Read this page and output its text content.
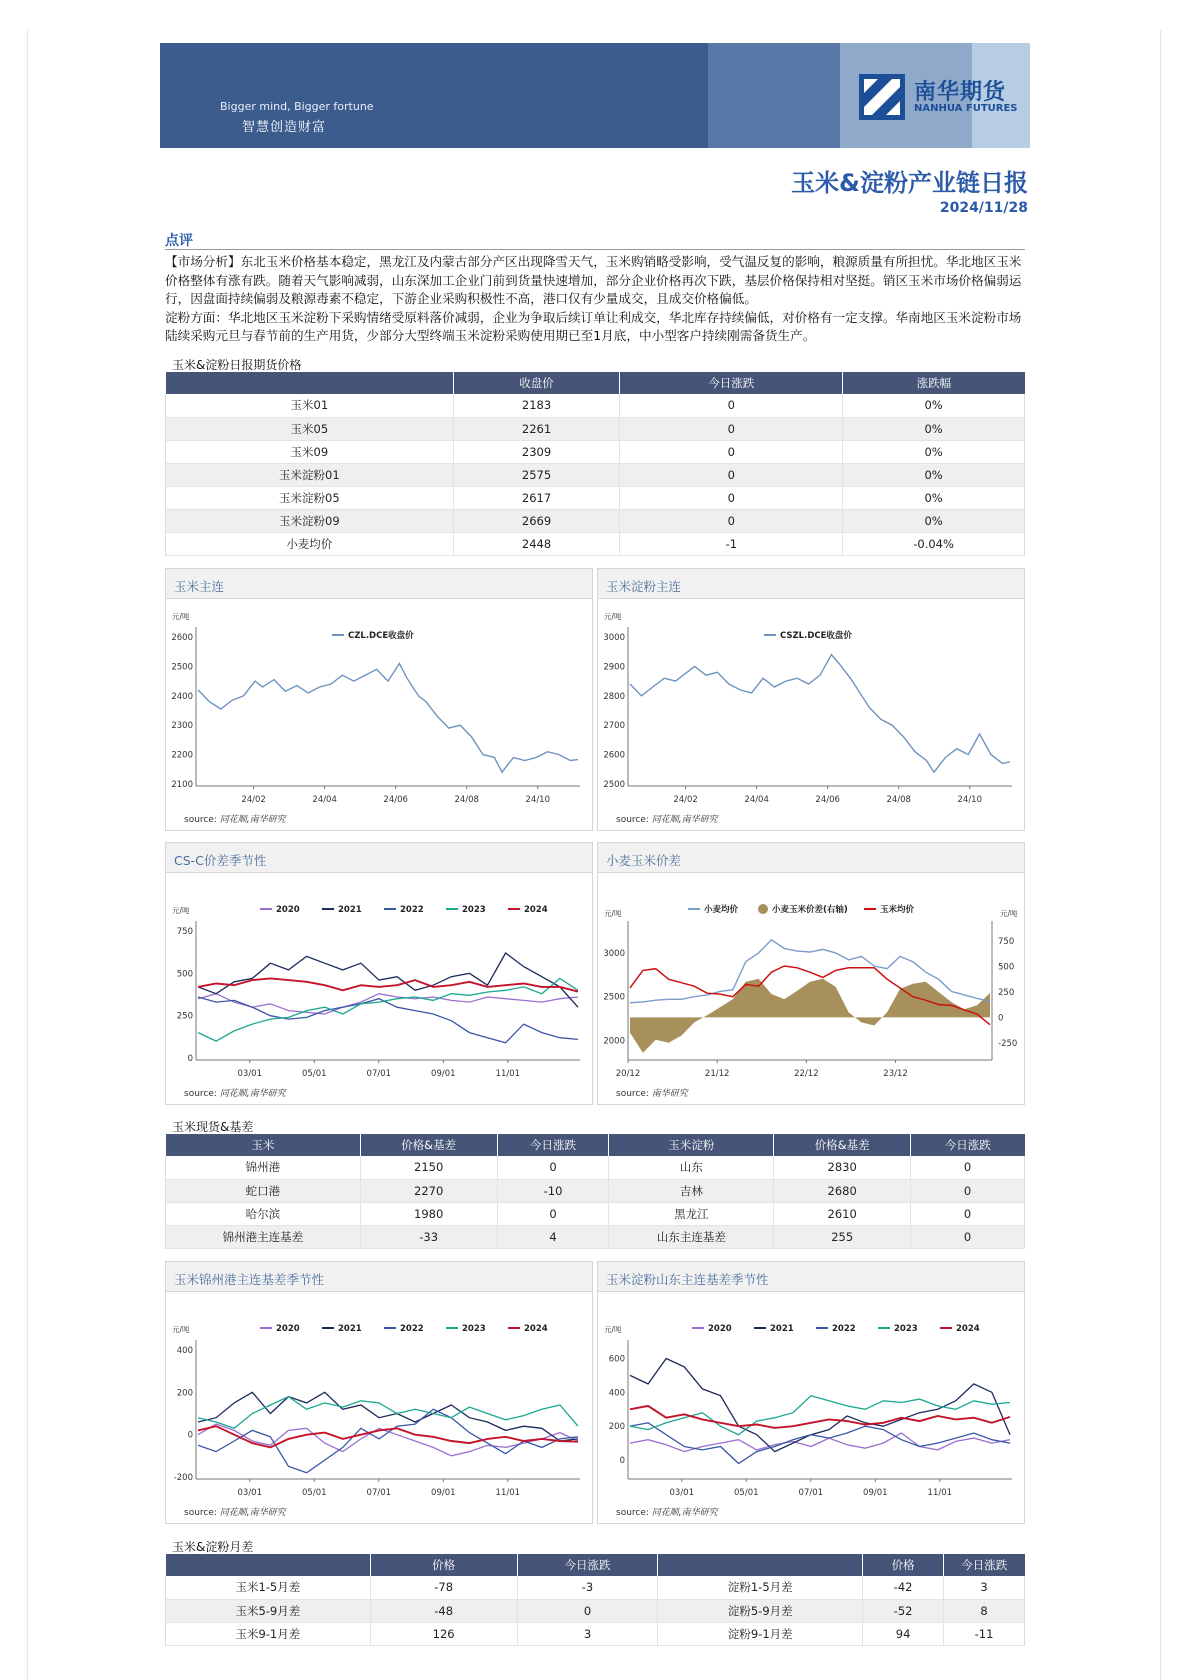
Bigger mind, Bigger fortune
智慧创造财富
南华期货
NANHUA FUTURES
玉米&淀粉产业链日报
2024/11/28
点评
【市场分析】东北玉米价格基本稳定，黑龙江及内蒙古部分产区出现降雪天气，玉米购销略受影响，受气温反复的影响，粮源质量有所担忧。华北地区玉米价格整体有涨有跌。随着天气影响减弱，山东深加工企业门前到货量快速增加，部分企业价格再次下跌，基层价格保持相对坚挺。销区玉米市场价格偏弱运行，因盘面持续偏弱及粮源毒素不稳定，下游企业采购积极性不高，港口仅有少量成交，且成交价格偏低。
淀粉方面：华北地区玉米淀粉下采购情绪受原料落价减弱，企业为争取后续订单让利成交，华北库存持续偏低，对价格有一定支撑。华南地区玉米淀粉市场陆续采购元旦与春节前的生产用货，少部分大型终端玉米淀粉采购使用期已至1月底，中小型客户持续刚需备货生产。
玉米&淀粉日报期货价格
	收盘价	今日涨跌	涨跌幅
玉米01	2183	0	0%
玉米05	2261	0	0%
玉米09	2309	0	0%
玉米淀粉01	2575	0	0%
玉米淀粉05	2617	0	0%
玉米淀粉09	2669	0	0%
小麦均价	2448	-1	-0.04%
玉米主连
元/吨
2100
2200
2300
2400
2500
2600
24/02	24/04	24/06	24/08	24/10
CZL.DCE收盘价
source: 同花顺,南华研究
玉米淀粉主连
元/吨
2500
2600
2700
2800
2900
3000
24/02	24/04	24/06	24/08	24/10
CSZL.DCE收盘价
source: 同花顺,南华研究
CS-C价差季节性
元/吨
0
250
500
750
03/01	05/01	07/01	09/01	11/01
2020	2021	2022	2023	2024
source: 同花顺,南华研究
小麦玉米价差
元/吨	元/吨
2000
2500
3000
-250
0
250
500
750
20/12	21/12	22/12	23/12
小麦均价	小麦玉米价差(右轴)	玉米均价
source: 南华研究
玉米现货&基差
玉米	价格&基差	今日涨跌	玉米淀粉	价格&基差	今日涨跌
锦州港	2150	0	山东	2830	0
蛇口港	2270	-10	吉林	2680	0
哈尔滨	1980	0	黑龙江	2610	0
锦州港主连基差	-33	4	山东主连基差	255	0
玉米锦州港主连基差季节性
元/吨
-200
0
200
400
03/01	05/01	07/01	09/01	11/01
2020	2021	2022	2023	2024
source: 同花顺,南华研究
玉米淀粉山东主连基差季节性
元/吨
0
200
400
600
03/01	05/01	07/01	09/01	11/01
2020	2021	2022	2023	2024
source: 同花顺,南华研究
玉米&淀粉月差
	价格	今日涨跌		价格	今日涨跌
玉米1-5月差	-78	-3	淀粉1-5月差	-42	3
玉米5-9月差	-48	0	淀粉5-9月差	-52	8
玉米9-1月差	126	3	淀粉9-1月差	94	-11
